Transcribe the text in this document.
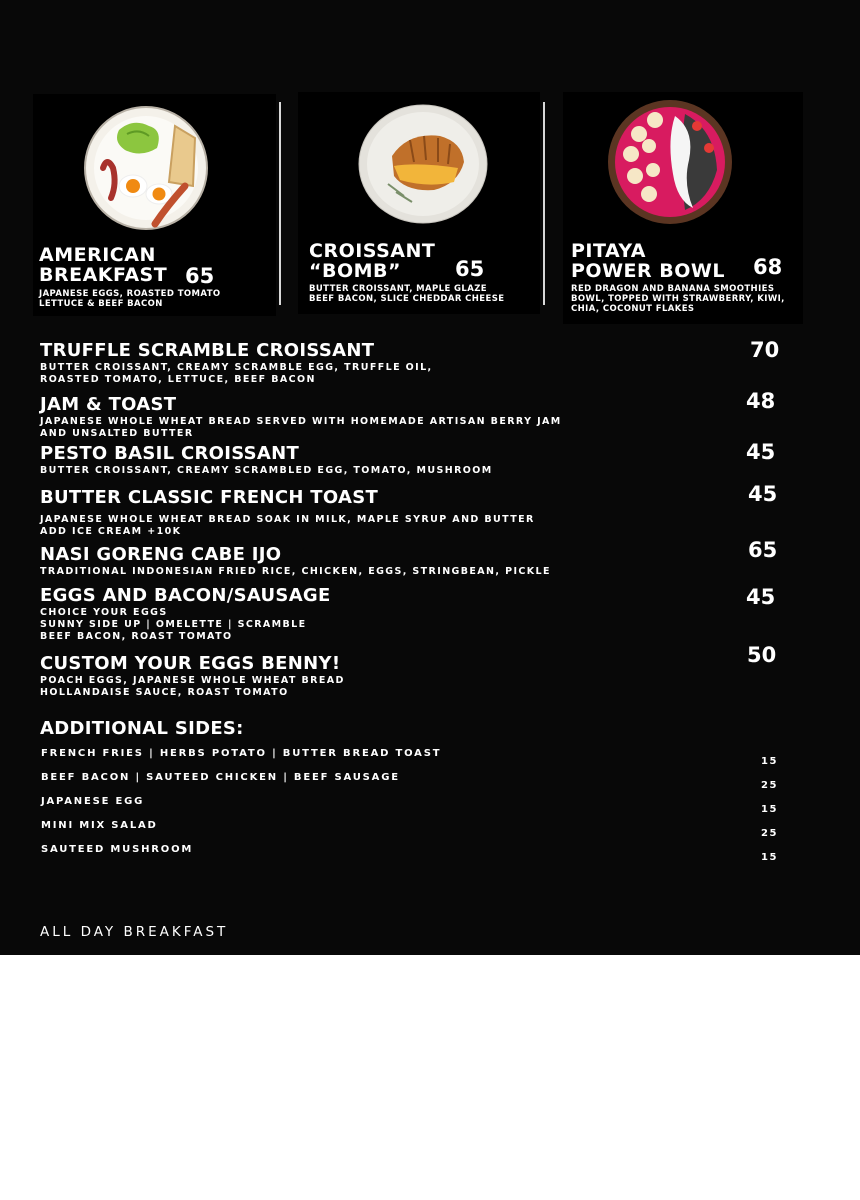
AMERICAN
BREAKFAST 65
JAPANESE EGGS, ROASTED TOMATO
LETTUCE & BEEF BACON
CROISSANT
“BOMB”	65
BUTTER CROISSANT, MAPLE GLAZE
BEEF BACON, SLICE CHEDDAR CHEESE
PITAYA
POWER BOWL 68
RED DRAGON AND BANANA SMOOTHIES
BOWL, TOPPED WITH STRAWBERRY, KIWI,
CHIA, COCONUT FLAKES
TRUFFLE SCRAMBLE CROISSANT
BUTTER CROISSANT, CREAMY SCRAMBLE EGG, TRUFFLE OIL,
ROASTED TOMATO, LETTUCE, BEEF BACON
70
JAM & TOAST
JAPANESE WHOLE WHEAT BREAD SERVED WITH HOMEMADE ARTISAN BERRY JAM
AND UNSALTED BUTTER
48
PESTO BASIL CROISSANT
BUTTER CROISSANT, CREAMY SCRAMBLED EGG, TOMATO, MUSHROOM
45
BUTTER CLASSIC FRENCH TOAST
JAPANESE WHOLE WHEAT BREAD SOAK IN MILK, MAPLE SYRUP AND BUTTER
ADD ICE CREAM +10K
45
NASI GORENG CABE IJO
TRADITIONAL INDONESIAN FRIED RICE, CHICKEN, EGGS, STRINGBEAN, PICKLE
65
EGGS AND BACON/SAUSAGE
CHOICE YOUR EGGS
SUNNY SIDE UP | OMELETTE | SCRAMBLE
BEEF BACON, ROAST TOMATO
45
CUSTOM YOUR EGGS BENNY!
POACH EGGS, JAPANESE WHOLE WHEAT BREAD
HOLLANDAISE SAUCE, ROAST TOMATO
50
ADDITIONAL SIDES:
FRENCH FRIES | HERBS POTATO | BUTTER BREAD TOAST
15
BEEF BACON | SAUTEED CHICKEN | BEEF SAUSAGE
25
JAPANESE EGG
15
MINI MIX SALAD
25
SAUTEED MUSHROOM
15
ALL DAY BREAKFAST
